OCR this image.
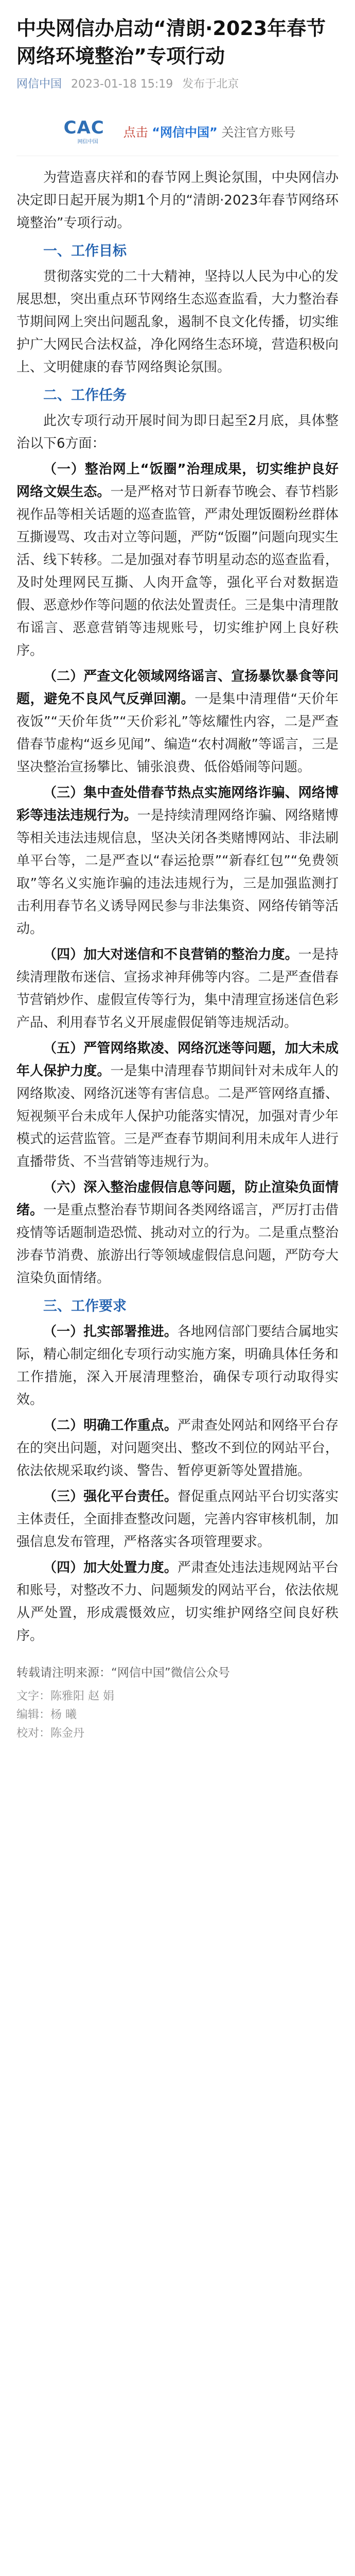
中央网信办启动“清朗·2023年春节网络环境整治”专项行动
网信中国 2023-01-18 15:19 发布于北京
CAC
网信中国
点击 “网信中国” 关注官方账号

为营造喜庆祥和的春节网上舆论氛围，中央网信办决定即日起开展为期1个月的“清朗·2023年春节网络环境整治”专项行动。

一、工作目标

贯彻落实党的二十大精神，坚持以人民为中心的发展思想，突出重点环节网络生态巡查监看，大力整治春节期间网上突出问题乱象，遏制不良文化传播，切实维护广大网民合法权益，净化网络生态环境，营造积极向上、文明健康的春节网络舆论氛围。

二、工作任务

此次专项行动开展时间为即日起至2月底，具体整治以下6方面：

（一）整治网上“饭圈”治理成果，切实维护良好网络文娱生态。一是严格对节日新春节晚会、春节档影视作品等相关话题的巡查监管，严肃处理饭圈粉丝群体互撕谩骂、攻击对立等问题，严防“饭圈”问题向现实生活、线下转移。二是加强对春节明星动态的巡查监看，及时处理网民互撕、人肉开盒等，强化平台对数据造假、恶意炒作等问题的依法处置责任。三是集中清理散布谣言、恶意营销等违规账号，切实维护网上良好秩序。

（二）严查文化领域网络谣言、宣扬暴饮暴食等问题，避免不良风气反弹回潮。一是集中清理借“天价年夜饭”“天价年货”“天价彩礼”等炫耀性内容，二是严查借春节虚构“返乡见闻”、编造“农村凋敝”等谣言，三是坚决整治宣扬攀比、铺张浪费、低俗婚闹等问题。

（三）集中查处借春节热点实施网络诈骗、网络博彩等违法违规行为。一是持续清理网络诈骗、网络赌博等相关违法违规信息，坚决关闭各类赌博网站、非法刷单平台等，二是严查以“春运抢票”“新春红包”“免费领取”等名义实施诈骗的违法违规行为，三是加强监测打击利用春节名义诱导网民参与非法集资、网络传销等活动。

（四）加大对迷信和不良营销的整治力度。一是持续清理散布迷信、宣扬求神拜佛等内容。二是严查借春节营销炒作、虚假宣传等行为，集中清理宣扬迷信色彩产品、利用春节名义开展虚假促销等违规活动。

（五）严管网络欺凌、网络沉迷等问题，加大未成年人保护力度。一是集中清理春节期间针对未成年人的网络欺凌、网络沉迷等有害信息。二是严管网络直播、短视频平台未成年人保护功能落实情况，加强对青少年模式的运营监管。三是严查春节期间利用未成年人进行直播带货、不当营销等违规行为。

（六）深入整治虚假信息等问题，防止渲染负面情绪。一是重点整治春节期间各类网络谣言，严厉打击借疫情等话题制造恐慌、挑动对立的行为。二是重点整治涉春节消费、旅游出行等领域虚假信息问题，严防夸大渲染负面情绪。

三、工作要求

（一）扎实部署推进。各地网信部门要结合属地实际，精心制定细化专项行动实施方案，明确具体任务和工作措施，深入开展清理整治，确保专项行动取得实效。

（二）明确工作重点。严肃查处网站和网络平台存在的突出问题，对问题突出、整改不到位的网站平台，依法依规采取约谈、警告、暂停更新等处置措施。

（三）强化平台责任。督促重点网站平台切实落实主体责任，全面排查整改问题，完善内容审核机制，加强信息发布管理，严格落实各项管理要求。

（四）加大处置力度。严肃查处违法违规网站平台和账号，对整改不力、问题频发的网站平台，依法依规从严处置，形成震慑效应，切实维护网络空间良好秩序。

转载请注明来源：“网信中国”微信公众号
文字：陈雅阳 赵 娟
编辑：杨 曦
校对：陈金丹
